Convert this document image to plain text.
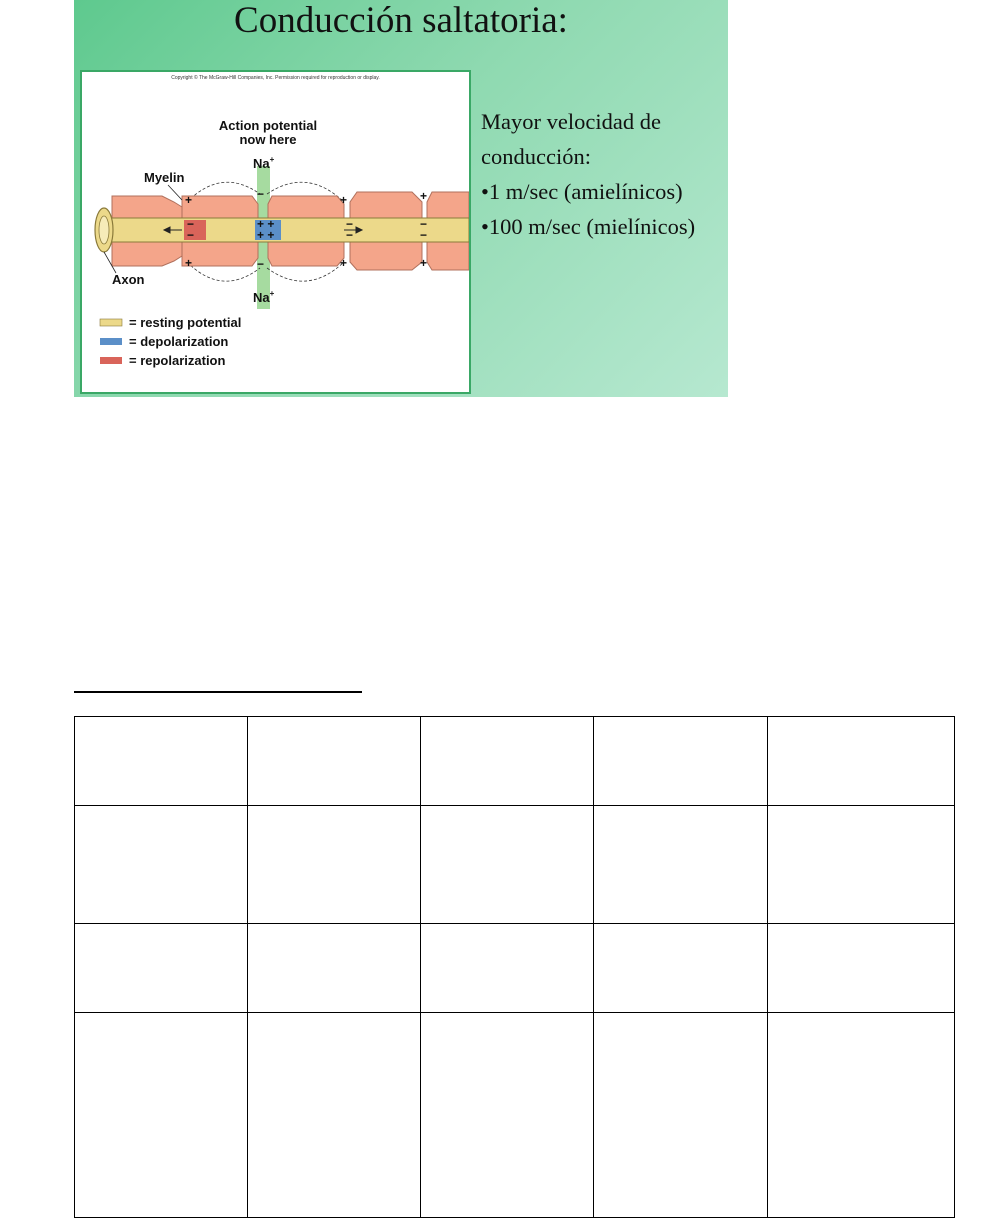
Conducción saltatoria:
Copyright © The McGraw-Hill Companies, Inc. Permission required for reproduction or display.
+
+
−
−
+
+
+
+
−
−
+ +
+ +
−
−
−
−
Action potential
now here
Na+
Na+
Myelin
Axon
= resting potential
= depolarization
= repolarization
Mayor velocidad de
conducción:
•1 m/sec (amielínicos)
•100 m/sec (mielínicos)
